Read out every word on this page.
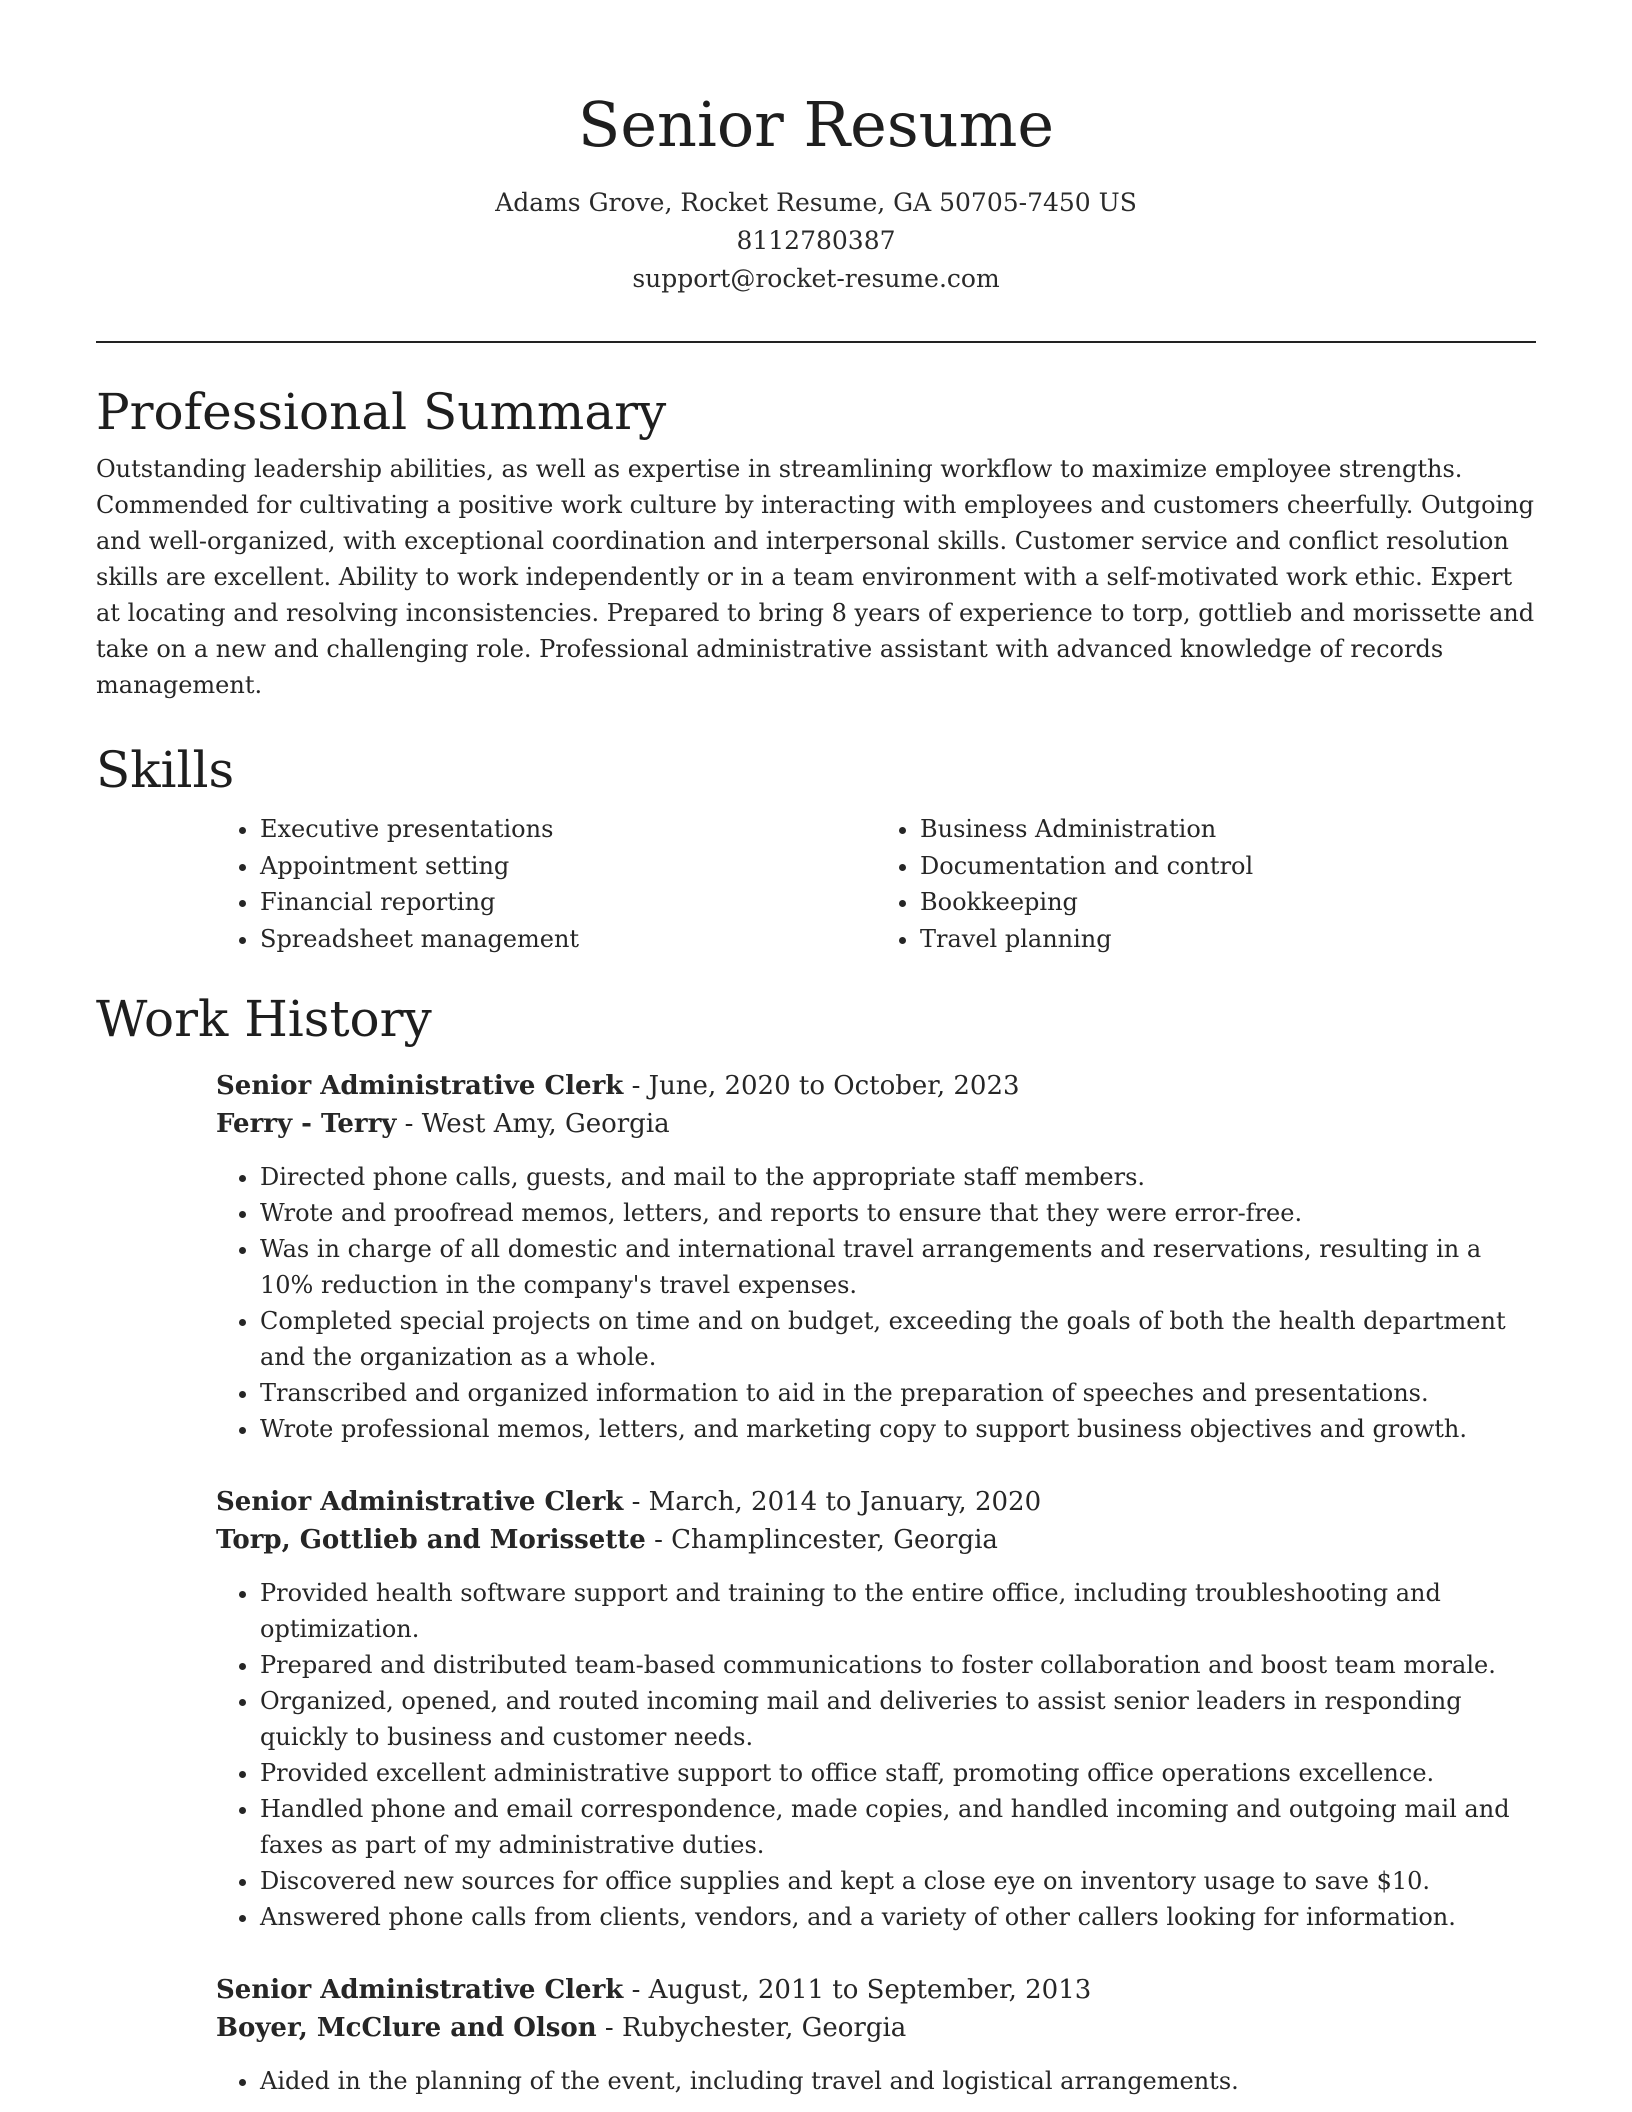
Senior Resume

Adams Grove, Rocket Resume, GA 50705-7450 US

8112780387

support@rocket-resume.com

Professional Summary

Outstanding leadership abilities, as well as expertise in streamlining workflow to maximize employee strengths. Commended for cultivating a positive work culture by interacting with employees and customers cheerfully. Outgoing and well-organized, with exceptional coordination and interpersonal skills. Customer service and conflict resolution skills are excellent. Ability to work independently or in a team environment with a self-motivated work ethic. Expert at locating and resolving inconsistencies. Prepared to bring 8 years of experience to torp, gottlieb and morissette and take on a new and challenging role. Professional administrative assistant with advanced knowledge of records management.

Skills
• Executive presentations
• Appointment setting
• Financial reporting
• Spreadsheet management
• Business Administration
• Documentation and control
• Bookkeeping
• Travel planning
Work History

Senior Administrative Clerk - June, 2020 to October, 2023

Ferry - Terry - West Amy, Georgia

• Directed phone calls, guests, and mail to the appropriate staff members.
• Wrote and proofread memos, letters, and reports to ensure that they were error-free.
• Was in charge of all domestic and international travel arrangements and reservations, resulting in a 10% reduction in the company's travel expenses.
• Completed special projects on time and on budget, exceeding the goals of both the health department and the organization as a whole.
• Transcribed and organized information to aid in the preparation of speeches and presentations.
• Wrote professional memos, letters, and marketing copy to support business objectives and growth.

Senior Administrative Clerk - March, 2014 to January, 2020

Torp, Gottlieb and Morissette - Champlincester, Georgia

• Provided health software support and training to the entire office, including troubleshooting and optimization.
• Prepared and distributed team-based communications to foster collaboration and boost team morale.
• Organized, opened, and routed incoming mail and deliveries to assist senior leaders in responding quickly to business and customer needs.
• Provided excellent administrative support to office staff, promoting office operations excellence.
• Handled phone and email correspondence, made copies, and handled incoming and outgoing mail and faxes as part of my administrative duties.
• Discovered new sources for office supplies and kept a close eye on inventory usage to save $10.
• Answered phone calls from clients, vendors, and a variety of other callers looking for information.

Senior Administrative Clerk - August, 2011 to September, 2013

Boyer, McClure and Olson - Rubychester, Georgia

• Aided in the planning of the event, including travel and logistical arrangements.
